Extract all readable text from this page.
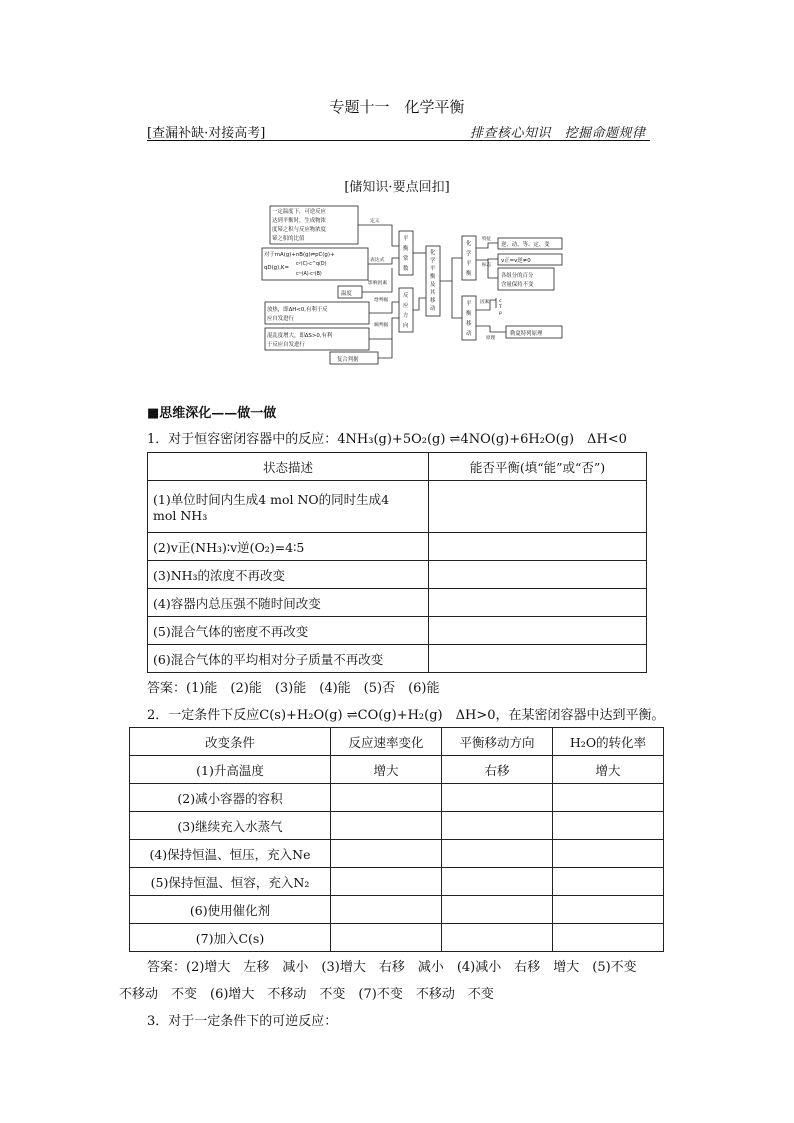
专题十一　化学平衡
[查漏补缺·对接高考]	排查核心知识　挖掘命题规律
[储知识·要点回扣]
一定温度下，可逆反应
达到平衡时，生成物浓
度幂之积与反应物浓度
幂之积的比值
对于mA(g)+nB(g)⇌pC(g)+
qD(g),K=
cᵖ(C)·c^q(D)
cᵐ(A)·cⁿ(B)
温度
定义
表达式
影响因素
焓判据
熵判据
放热，即ΔH<0,有利于反
应自发进行
混乱度增大，即ΔS>0,有利
于反应自发进行
复合判据
平
衡
常
数
反
应
方
向
化
学
平
衡
及
其
移
动
化
学
平
衡
平
衡
移
动
特征
标志
逆、动、等、定、变
v正=v逆≠0
各组分的百分
含量保持不变
因素 c
T
p
原理
勒夏特列原理
■思维深化——做一做
1．对于恒容密闭容器中的反应：4NH₃(g)+5O₂(g) ⇌4NO(g)+6H₂O(g)　ΔH<0
状态描述	能否平衡(填“能”或“否”)

(1)单位时间内生成4 mol NO的同时生成4
mol NH₃	

(2)v正(NH₃)∶v逆(O₂)=4∶5	
(3)NH₃的浓度不再改变	
(4)容器内总压强不随时间改变	
(5)混合气体的密度不再改变	
(6)混合气体的平均相对分子质量不再改变	
答案：(1)能　(2)能　(3)能　(4)能　(5)否　(6)能
2．一定条件下反应C(s)+H₂O(g) ⇌CO(g)+H₂(g)　ΔH>0，在某密闭容器中达到平衡。
改变条件	反应速率变化	平衡移动方向	H₂O的转化率
(1)升高温度	增大	右移	增大
(2)减小容器的容积			
(3)继续充入水蒸气			
(4)保持恒温、恒压，充入Ne			
(5)保持恒温、恒容，充入N₂			
(6)使用催化剂			
(7)加入C(s)			
答案：(2)增大　左移　减小　(3)增大　右移　减小　(4)减小　右移　增大　(5)不变
不移动　不变　(6)增大　不移动　不变　(7)不变　不移动　不变
3．对于一定条件下的可逆反应：
